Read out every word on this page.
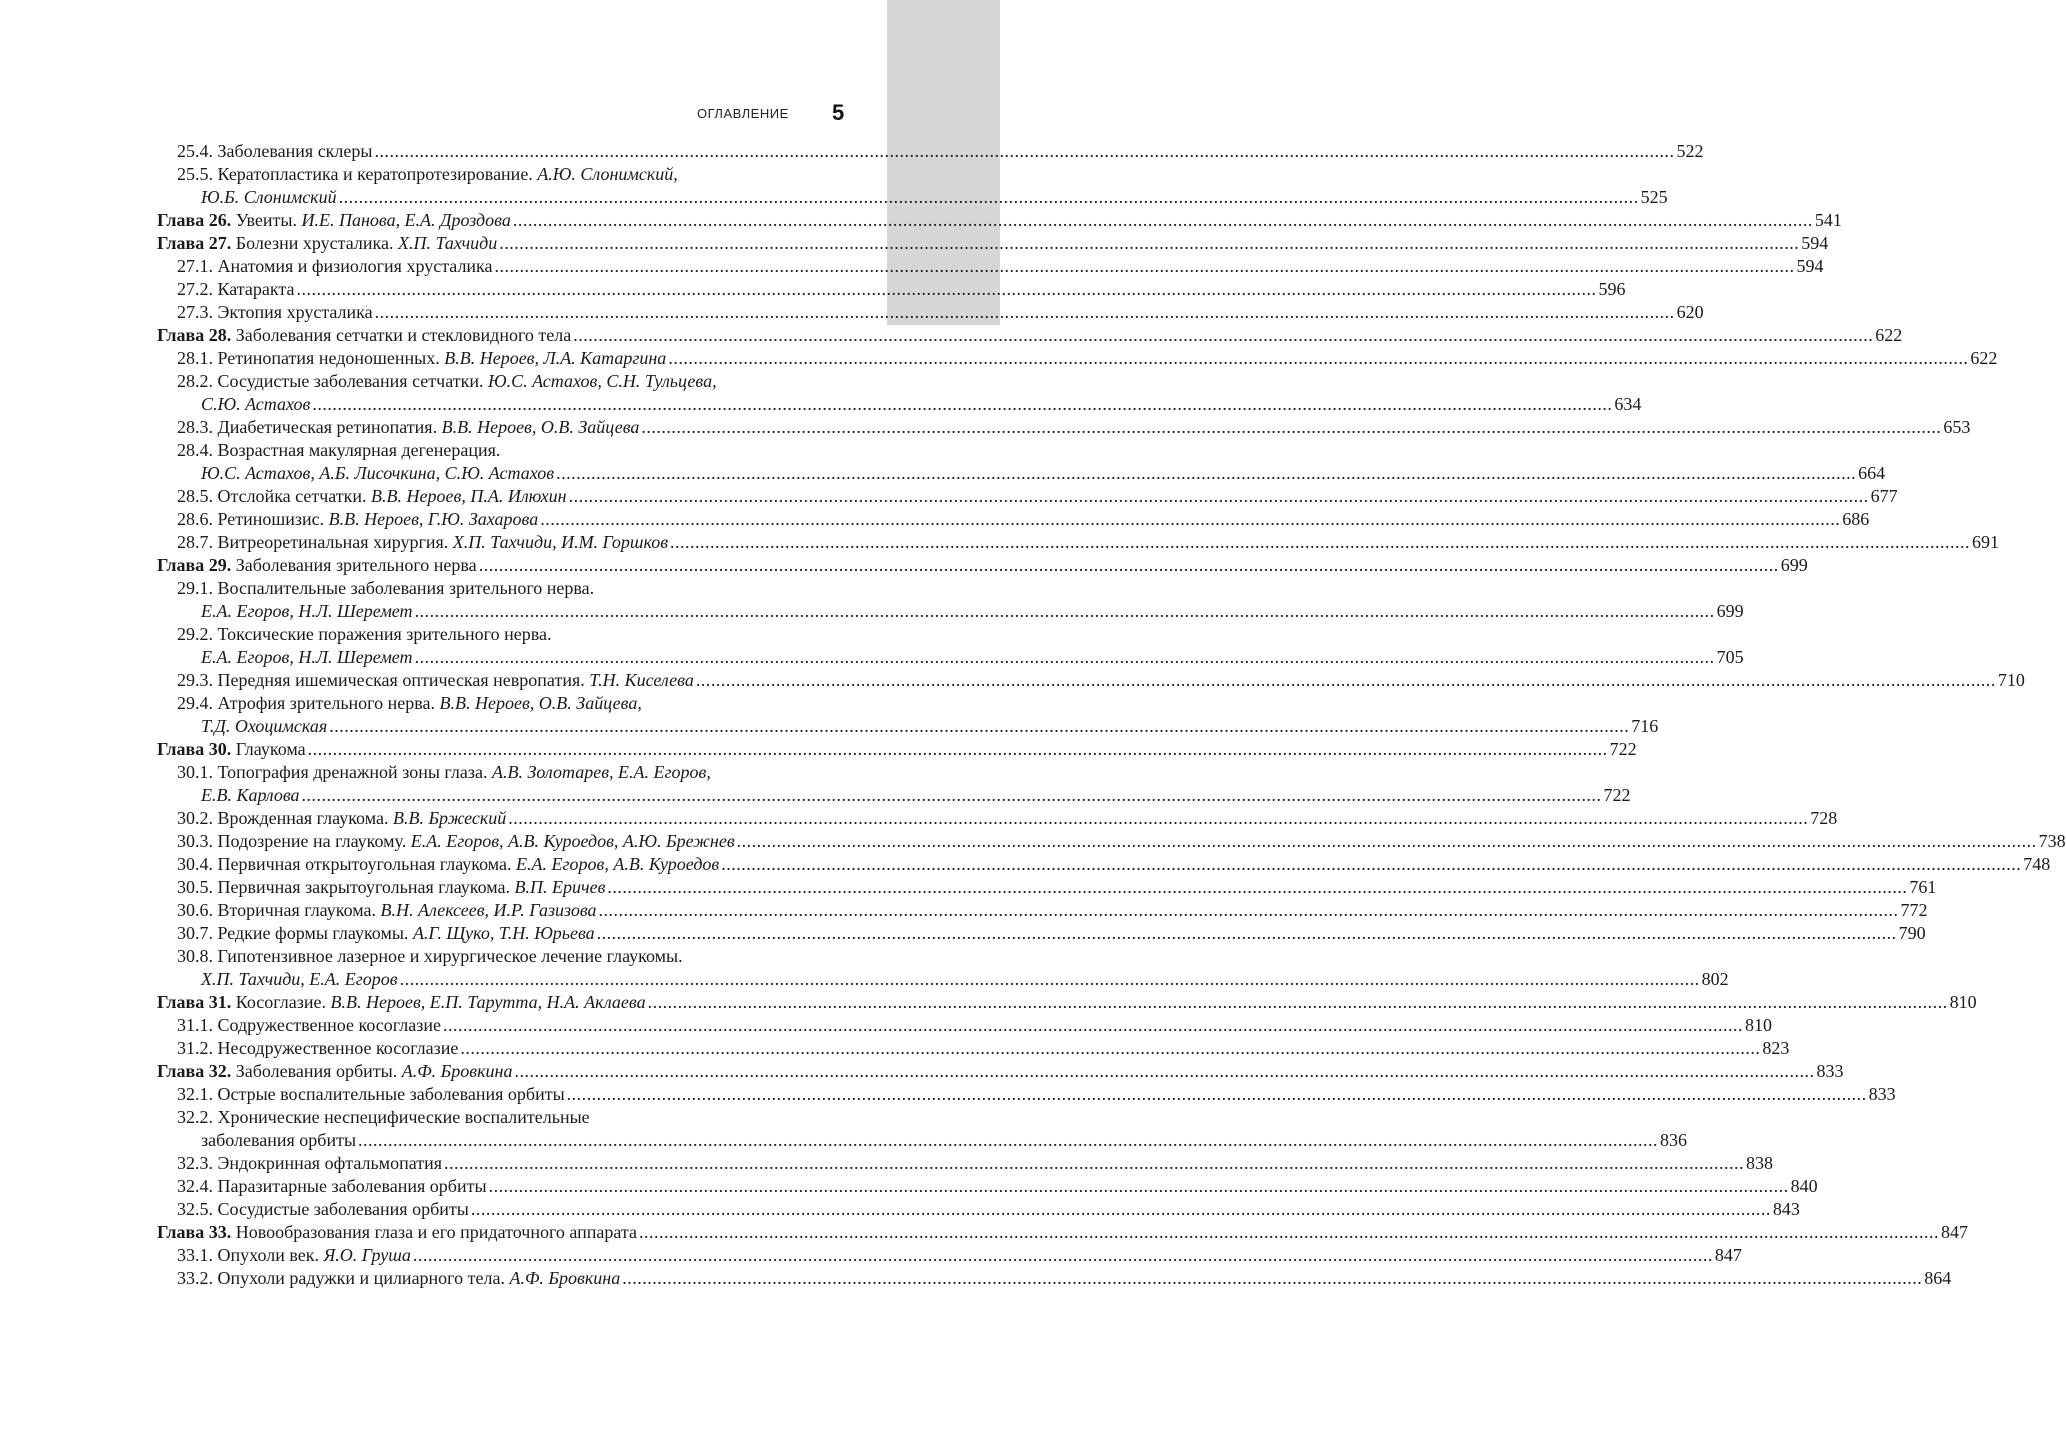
ОГЛАВЛЕНИЕ 5
25.4. Заболевания склеры .....	522
25.5. Кератопластика и кератопротезирование. А.Ю. Слонимский,
Ю.Б. Слонимский .....	525
Глава 26. Увеиты. И.Е. Панова, Е.А. Дроздова .....	541
Глава 27. Болезни хрусталика. Х.П. Тахчиди .....	594
27.1. Анатомия и физиология хрусталика .....	594
27.2. Катаракта .....	596
27.3. Эктопия хрусталика .....	620
Глава 28. Заболевания сетчатки и стекловидного тела .....	622
28.1. Ретинопатия недоношенных. В.В. Нероев, Л.А. Катаргина .....	622
28.2. Сосудистые заболевания сетчатки. Ю.С. Астахов, С.Н. Тульцева,
С.Ю. Астахов .....	634
28.3. Диабетическая ретинопатия. В.В. Нероев, О.В. Зайцева .....	653
28.4. Возрастная макулярная дегенерация.
Ю.С. Астахов, А.Б. Лисочкина, С.Ю. Астахов .....	664
28.5. Отслойка сетчатки. В.В. Нероев, П.А. Илюхин .....	677
28.6. Ретиношизис. В.В. Нероев, Г.Ю. Захарова .....	686
28.7. Витреоретинальная хирургия. Х.П. Тахчиди, И.М. Горшков .....	691
Глава 29. Заболевания зрительного нерва .....	699
29.1. Воспалительные заболевания зрительного нерва.
Е.А. Егоров, Н.Л. Шеремет .....	699
29.2. Токсические поражения зрительного нерва.
Е.А. Егоров, Н.Л. Шеремет .....	705
29.3. Передняя ишемическая оптическая невропатия. Т.Н. Киселева .....	710
29.4. Атрофия зрительного нерва. В.В. Нероев, О.В. Зайцева,
Т.Д. Охоцимская .....	716
Глава 30. Глаукома .....	722
30.1. Топография дренажной зоны глаза. А.В. Золотарев, Е.А. Егоров,
Е.В. Карлова .....	722
30.2. Врожденная глаукома. В.В. Бржеский .....	728
30.3. Подозрение на глаукому. Е.А. Егоров, А.В. Куроедов, А.Ю. Брежнев .....	738
30.4. Первичная открытоугольная глаукома. Е.А. Егоров, А.В. Куроедов .....	748
30.5. Первичная закрытоугольная глаукома. В.П. Еричев .....	761
30.6. Вторичная глаукома. В.Н. Алексеев, И.Р. Газизова .....	772
30.7. Редкие формы глаукомы. А.Г. Щуко, Т.Н. Юрьева .....	790
30.8. Гипотензивное лазерное и хирургическое лечение глаукомы.
Х.П. Тахчиди, Е.А. Егоров .....	802
Глава 31. Косоглазие. В.В. Нероев, Е.П. Тарутта, Н.А. Аклаева .....	810
31.1. Содружественное косоглазие .....	810
31.2. Несодружественное косоглазие .....	823
Глава 32. Заболевания орбиты. А.Ф. Бровкина .....	833
32.1. Острые воспалительные заболевания орбиты .....	833
32.2. Хронические неспецифические воспалительные
заболевания орбиты .....	836
32.3. Эндокринная офтальмопатия .....	838
32.4. Паразитарные заболевания орбиты .....	840
32.5. Сосудистые заболевания орбиты .....	843
Глава 33. Новообразования глаза и его придаточного аппарата .....	847
33.1. Опухоли век. Я.О. Груша .....	847
33.2. Опухоли радужки и цилиарного тела. А.Ф. Бровкина .....	864
